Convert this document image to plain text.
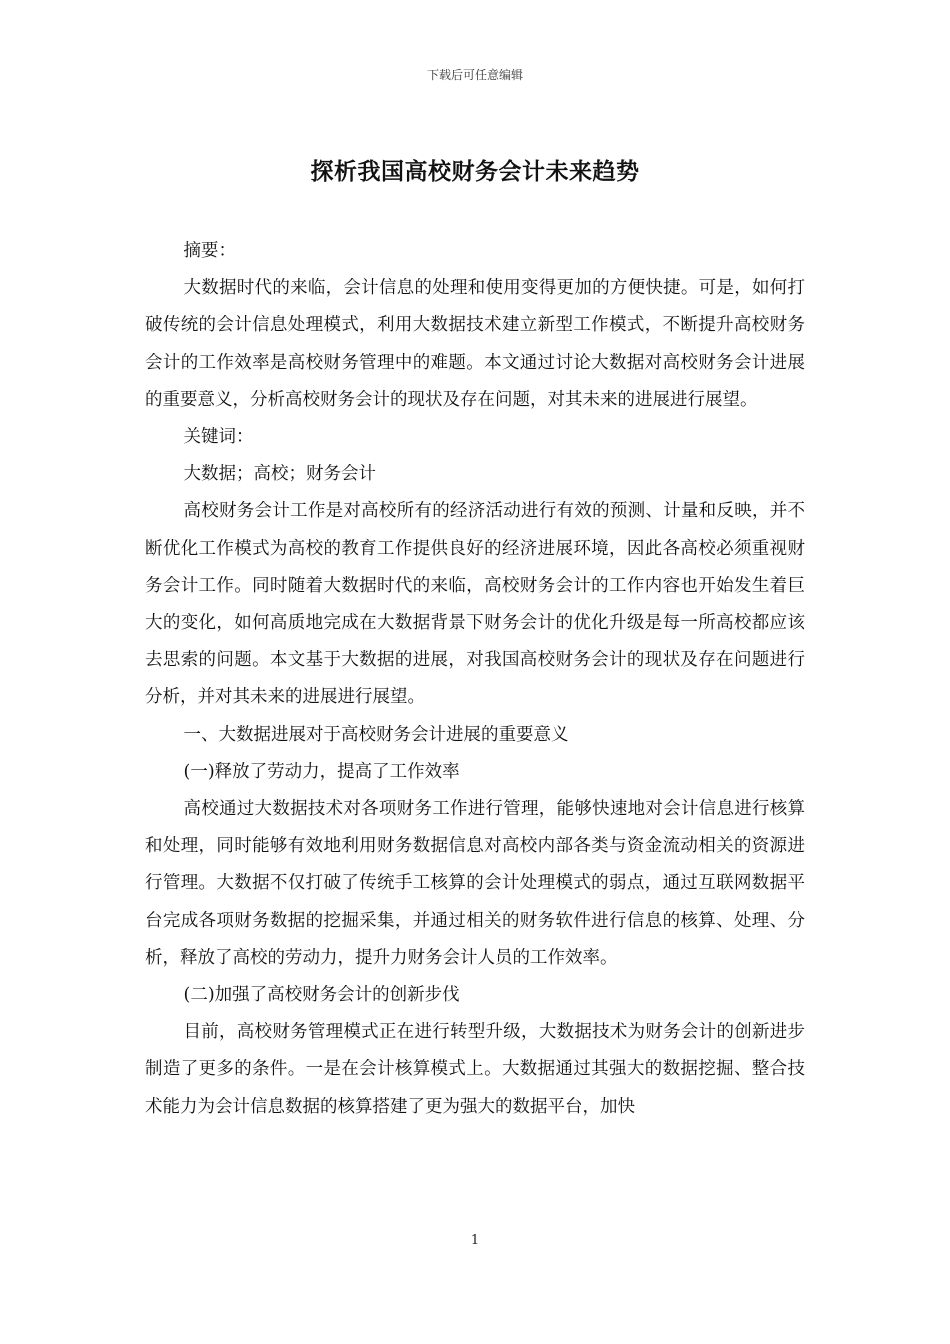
下载后可任意编辑
探析我国高校财务会计未来趋势

摘要：

大数据时代的来临，会计信息的处理和使用变得更加的方便快捷。可是，如何打破传统的会计信息处理模式，利用大数据技术建立新型工作模式，不断提升高校财务会计的工作效率是高校财务管理中的难题。本文通过讨论大数据对高校财务会计进展的重要意义，分析高校财务会计的现状及存在问题，对其未来的进展进行展望。

关键词：

大数据；高校；财务会计

高校财务会计工作是对高校所有的经济活动进行有效的预测、计量和反映，并不断优化工作模式为高校的教育工作提供良好的经济进展环境，因此各高校必须重视财务会计工作。同时随着大数据时代的来临，高校财务会计的工作内容也开始发生着巨大的变化，如何高质地完成在大数据背景下财务会计的优化升级是每一所高校都应该去思索的问题。本文基于大数据的进展，对我国高校财务会计的现状及存在问题进行分析，并对其未来的进展进行展望。

一、大数据进展对于高校财务会计进展的重要意义

(一)释放了劳动力，提高了工作效率

高校通过大数据技术对各项财务工作进行管理，能够快速地对会计信息进行核算和处理，同时能够有效地利用财务数据信息对高校内部各类与资金流动相关的资源进行管理。大数据不仅打破了传统手工核算的会计处理模式的弱点，通过互联网数据平台完成各项财务数据的挖掘采集，并通过相关的财务软件进行信息的核算、处理、分析，释放了高校的劳动力，提升力财务会计人员的工作效率。

(二)加强了高校财务会计的创新步伐

目前，高校财务管理模式正在进行转型升级，大数据技术为财务会计的创新进步制造了更多的条件。一是在会计核算模式上。大数据通过其强大的数据挖掘、整合技术能力为会计信息数据的核算搭建了更为强大的数据平台，加快

1
